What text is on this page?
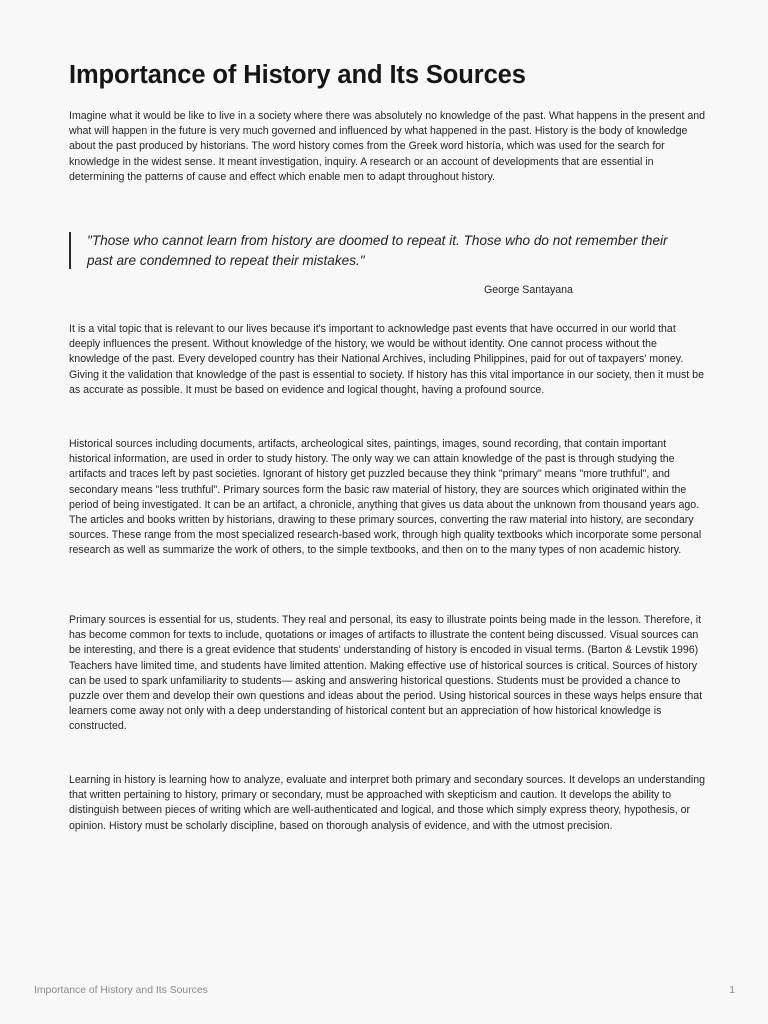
Importance of History and Its Sources

Imagine what it would be like to live in a society where there was absolutely no knowledge of the past. What happens in the present and what will happen in the future is very much governed and influenced by what happened in the past. History is the body of knowledge about the past produced by historians. The word history comes from the Greek word historía, which was used for the search for knowledge in the widest sense. It meant investigation, inquiry. A research or an account of developments that are essential in determining the patterns of cause and effect which enable men to adapt throughout history.

"Those who cannot learn from history are doomed to repeat it. Those who do not remember their past are condemned to repeat their mistakes."

George Santayana

It is a vital topic that is relevant to our lives because it's important to acknowledge past events that have occurred in our world that deeply influences the present. Without knowledge of the history, we would be without identity. One cannot process without the knowledge of the past. Every developed country has their National Archives, including Philippines, paid for out of taxpayers' money. Giving it the validation that knowledge of the past is essential to society. If history has this vital importance in our society, then it must be as accurate as possible. It must be based on evidence and logical thought, having a profound source.

Historical sources including documents, artifacts, archeological sites, paintings, images, sound recording, that contain important historical information, are used in order to study history. The only way we can attain knowledge of the past is through studying the artifacts and traces left by past societies. Ignorant of history get puzzled because they think "primary" means "more truthful", and secondary means "less truthful". Primary sources form the basic raw material of history, they are sources which originated within the period of being investigated. It can be an artifact, a chronicle, anything that gives us data about the unknown from thousand years ago. The articles and books written by historians, drawing to these primary sources, converting the raw material into history, are secondary sources. These range from the most specialized research-based work, through high quality textbooks which incorporate some personal research as well as summarize the work of others, to the simple textbooks, and then on to the many types of non academic history.

Primary sources is essential for us, students. They real and personal, its easy to illustrate points being made in the lesson. Therefore, it has become common for texts to include, quotations or images of artifacts to illustrate the content being discussed. Visual sources can be interesting, and there is a great evidence that students' understanding of history is encoded in visual terms. (Barton & Levstik 1996) Teachers have limited time, and students have limited attention. Making effective use of historical sources is critical. Sources of history can be used to spark unfamiliarity to students— asking and answering historical questions. Students must be provided a chance to puzzle over them and develop their own questions and ideas about the period. Using historical sources in these ways helps ensure that learners come away not only with a deep understanding of historical content but an appreciation of how historical knowledge is constructed.

Learning in history is learning how to analyze, evaluate and interpret both primary and secondary sources. It develops an understanding that written pertaining to history, primary or secondary, must be approached with skepticism and caution. It develops the ability to distinguish between pieces of writing which are well-authenticated and logical, and those which simply express theory, hypothesis, or opinion. History must be scholarly discipline, based on thorough analysis of evidence, and with the utmost precision.

Importance of History and Its Sources	1
